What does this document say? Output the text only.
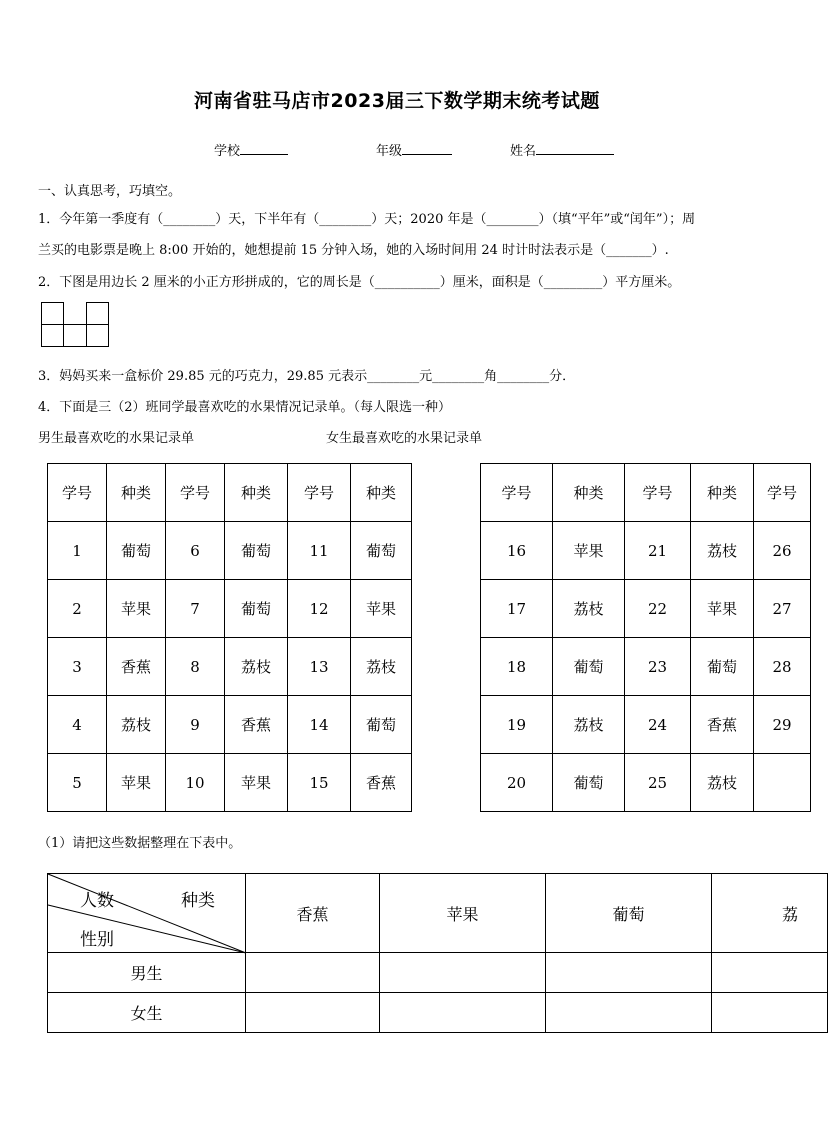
河南省驻马店市2023届三下数学期末统考试题
学校	年级	姓名
一、认真思考，巧填空。
1．今年第一季度有（________）天，下半年有（________）天；2020 年是（________）（填“平年”或“闰年”）；周
兰买的电影票是晚上 8:00 开始的，她想提前 15 分钟入场，她的入场时间用 24 时计时法表示是（_______）.
2．下图是用边长 2 厘米的小正方形拼成的，它的周长是（__________）厘米，面积是（_________）平方厘米。
3．妈妈买来一盒标价 29.85 元的巧克力，29.85 元表示________元________角________分．
4．下面是三（2）班同学最喜欢吃的水果情况记录单。（每人限选一种）
男生最喜欢吃的水果记录单	女生最喜欢吃的水果记录单
学号	种类	学号	种类	学号	种类
1	葡萄	6	葡萄	11	葡萄
2	苹果	7	葡萄	12	苹果
3	香蕉	8	荔枝	13	荔枝
4	荔枝	9	香蕉	14	葡萄
5	苹果	10	苹果	15	香蕉
学号	种类	学号	种类	学号
16	苹果	21	荔枝	26
17	荔枝	22	苹果	27
18	葡萄	23	葡萄	28
19	荔枝	24	香蕉	29
20	葡萄	25	荔枝	
（1）请把这些数据整理在下表中。
人数 种类
性别	香蕉	苹果	葡萄	荔
男生				
女生				
